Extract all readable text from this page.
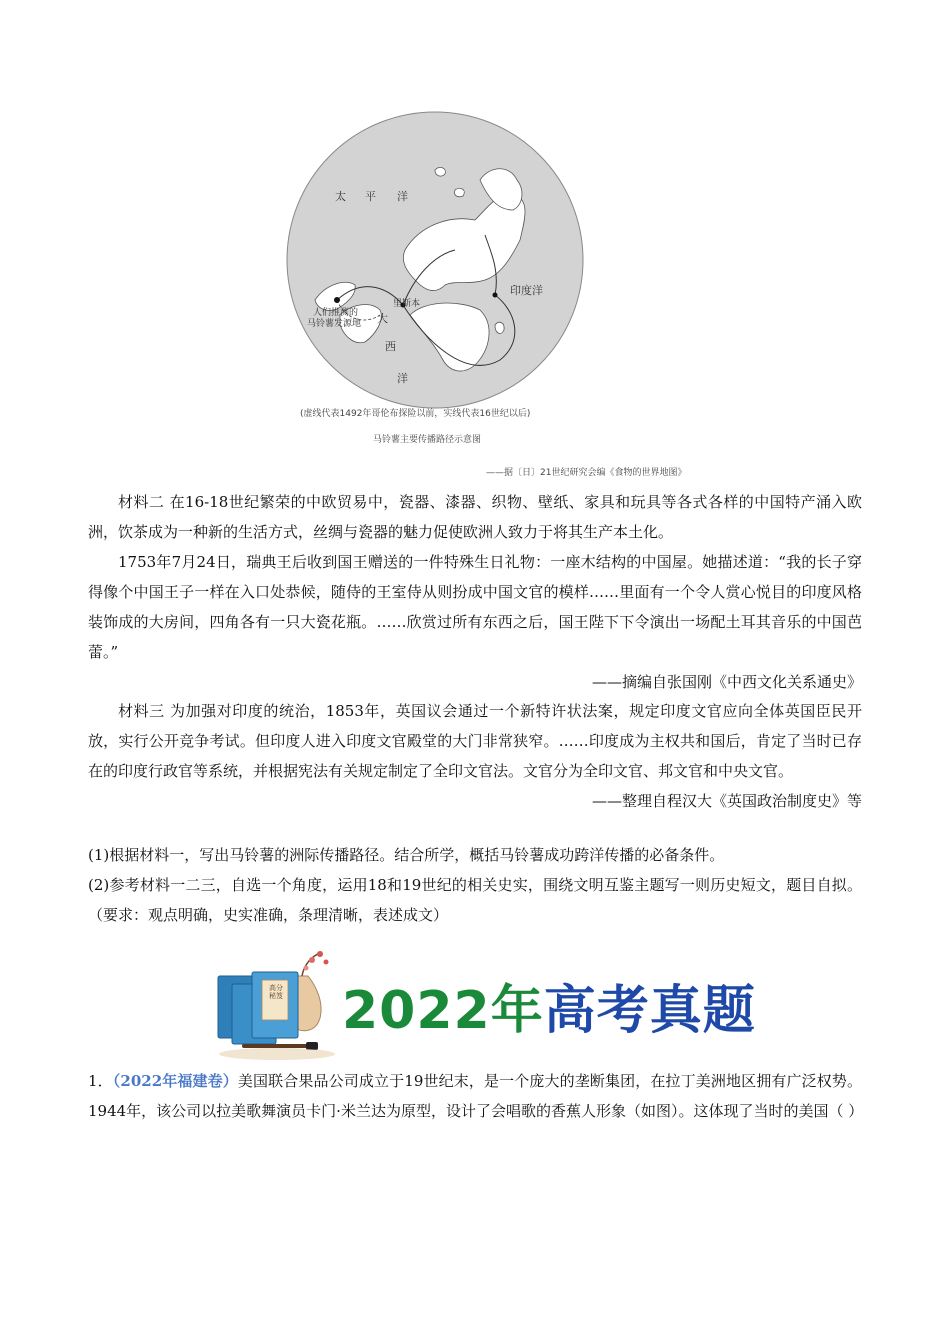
太 平 洋
印度洋
大
西
洋
人们推测的
马铃薯发源地
里斯本
(虚线代表1492年哥伦布探险以前，实线代表16世纪以后)
马铃薯主要传播路径示意图
——据〔日〕21世纪研究会编《食物的世界地图》

材料二 在16-18世纪繁荣的中欧贸易中，瓷器、漆器、织物、壁纸、家具和玩具等各式各样的中国特产涌入欧洲，饮茶成为一种新的生活方式，丝绸与瓷器的魅力促使欧洲人致力于将其生产本土化。

1753年7月24日，瑞典王后收到国王赠送的一件特殊生日礼物：一座木结构的中国屋。她描述道：“我的长子穿得像个中国王子一样在入口处恭候，随侍的王室侍从则扮成中国文官的模样……里面有一个令人赏心悦目的印度风格装饰成的大房间，四角各有一只大瓷花瓶。……欣赏过所有东西之后，国王陛下下令演出一场配土耳其音乐的中国芭蕾。”

——摘编自张国刚《中西文化关系通史》

材料三 为加强对印度的统治，1853年，英国议会通过一个新特许状法案，规定印度文官应向全体英国臣民开放，实行公开竞争考试。但印度人进入印度文官殿堂的大门非常狭窄。……印度成为主权共和国后，肯定了当时已存在的印度行政官等系统，并根据宪法有关规定制定了全印文官法。文官分为全印文官、邦文官和中央文官。

——整理自程汉大《英国政治制度史》等

(1)根据材料一，写出马铃薯的洲际传播路径。结合所学，概括马铃薯成功跨洋传播的必备条件。

(2)参考材料一二三，自选一个角度，运用18和19世纪的相关史实，围绕文明互鉴主题写一则历史短文，题目自拟。（要求：观点明确，史实准确，条理清晰，表述成文）

高分秘笈 2022年高考真题

1．（2022年福建卷）美国联合果品公司成立于19世纪末，是一个庞大的垄断集团，在拉丁美洲地区拥有广泛权势。1944年，该公司以拉美歌舞演员卡门·米兰达为原型，设计了会唱歌的香蕉人形象（如图）。这体现了当时的美国（ ）
